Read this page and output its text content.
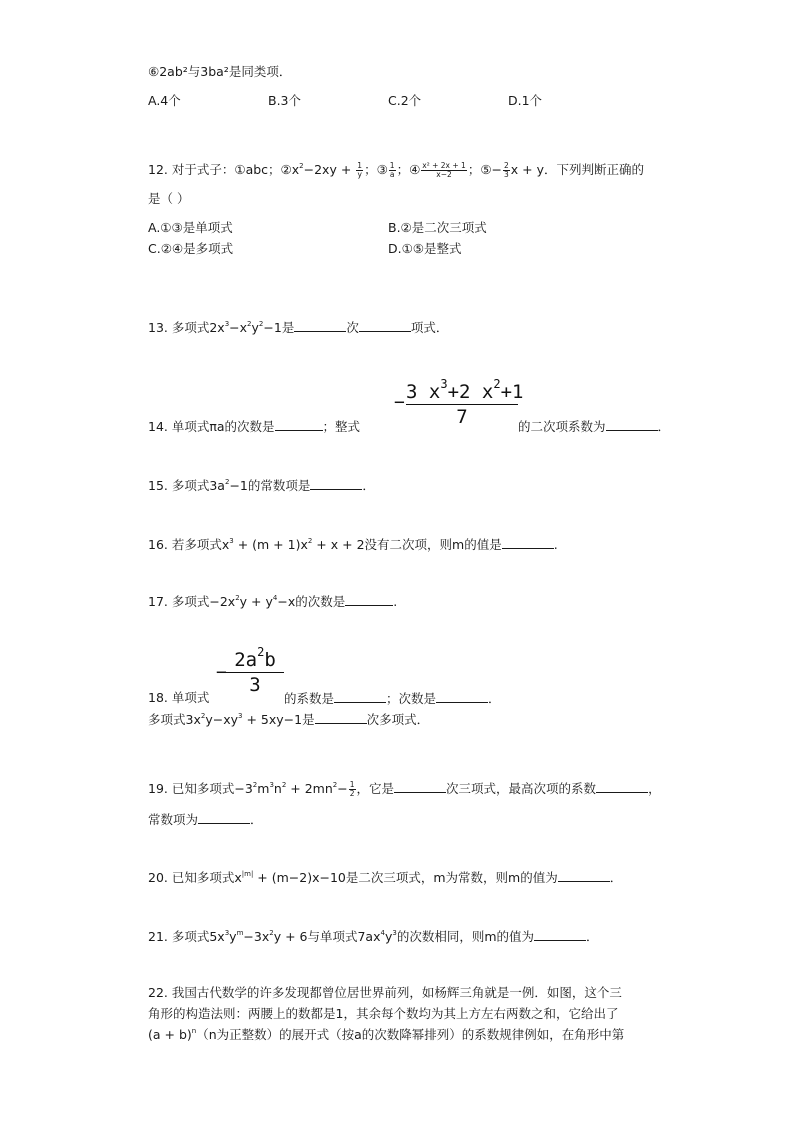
⑥2ab²与3ba²是同类项．
A.4个	B.3个	C.2个	D.1个
12. 对于式子：①abc；$②x^2-2xy + \frac{1}{y}$ ；③ $\frac{1}{a}$ ；④ $\frac{\text{x² + 2x + 1}}{x-2}$ ；⑤− $\frac{2}{3}$ x + y．下列判断正确的
是（ ）
A.①③是单项式	B.②是二次三项式
C.②④是多项式	D.①⑤是整式
13. 多项式$2x^3-x^2y^2-1$是	次	项式．
− 3 $x^3+2$ $x^2+1$
7
14. 单项式πa的次数是	；整式	的二次项系数为	．
15. 多项式$3a^2-1$的常数项是	．
16. 若多项式$x^3 + (m + 1)x^2 + x + 2$没有二次项，则m的值是	.
17. 多项式$-2x^2y + y^4-x$的次数是	.
−
$2a^2b$
3
18. 单项式	的系数是	；次数是	．
多项式$3x^2y-xy^3 + 5xy-1$是	次多项式．
19. 已知多项式$-3^2m^3n^2 + 2mn^2- \frac{1}{2}$ ，它是	次三项式，最高次项的系数	，
常数项为	．
20. 已知多项式$x^{|m|} + (m-2)x-10$是二次三项式，m为常数，则m的值为	．
21. 多项式$5x^3y^m-3x^2y + 6$与单项式$7ax^4y^3$的次数相同，则m的值为	．
22. 我国古代数学的许多发现都曾位居世界前列，如杨辉三角就是一例．如图，这个三
角形的构造法则：两腰上的数都是1，其余每个数均为其上方左右两数之和，它给出了
$(a + b)^n(n$为正整数）的展开式（按a的次数降幂排列）的系数规律例如，在角形中第
